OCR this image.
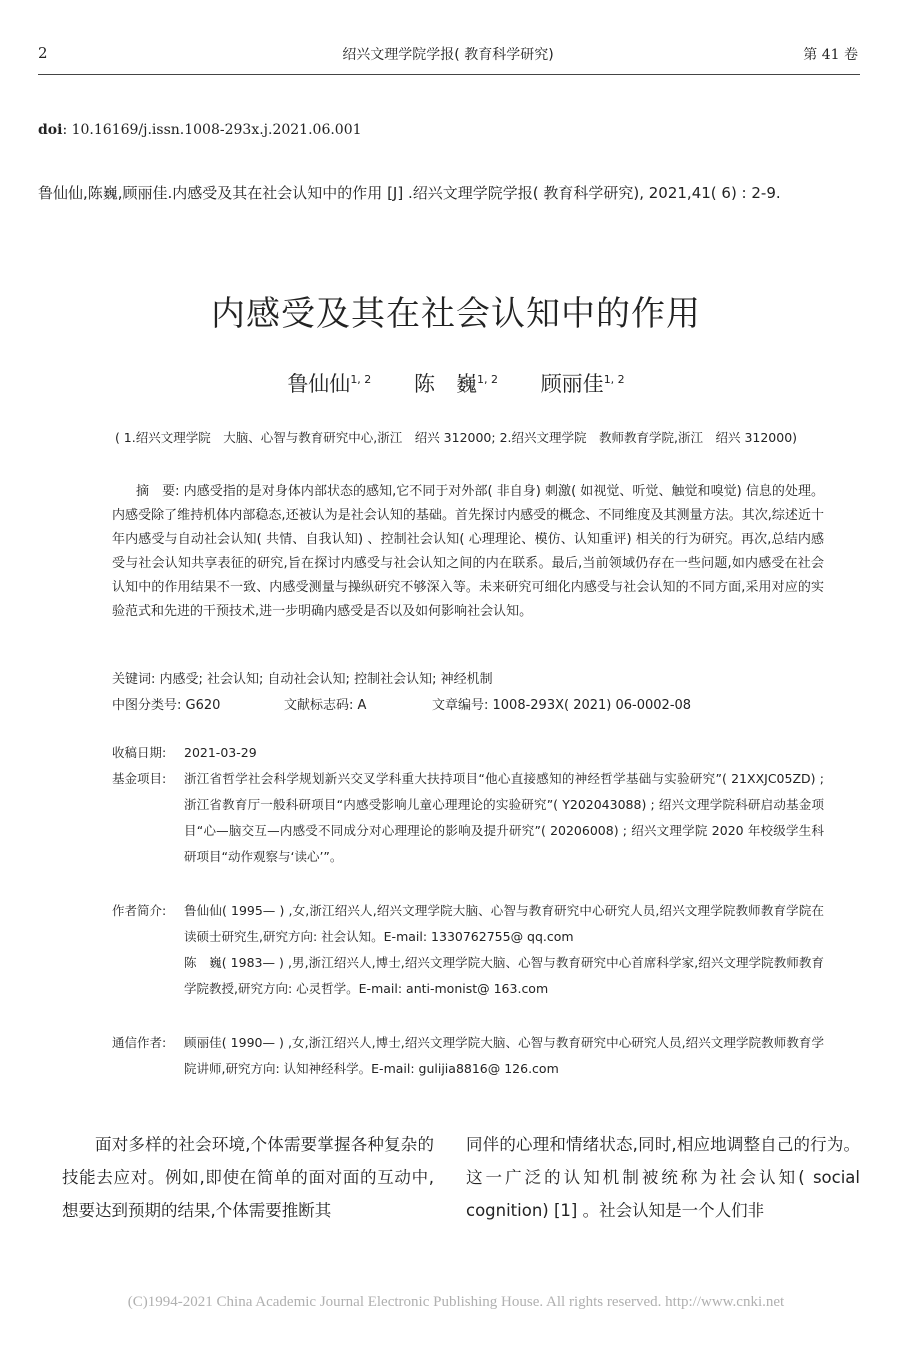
2	绍兴文理学院学报( 教育科学研究)	第 41 卷
doi: 10.16169/j.issn.1008-293x.j.2021.06.001
鲁仙仙,陈巍,顾丽佳.内感受及其在社会认知中的作用 [J] .绍兴文理学院学报( 教育科学研究), 2021,41( 6) : 2-9.
内感受及其在社会认知中的作用
鲁仙仙$^{1, 2}$ 陈　巍$^{1, 2}$ 顾丽佳$^{1, 2}$
( 1.绍兴文理学院　大脑、心智与教育研究中心,浙江　绍兴 312000; 2.绍兴文理学院　教师教育学院,浙江　绍兴 312000)
摘　要: 内感受指的是对身体内部状态的感知,它不同于对外部( 非自身) 刺激( 如视觉、听觉、触觉和嗅觉) 信息的处理。内感受除了维持机体内部稳态,还被认为是社会认知的基础。首先探讨内感受的概念、不同维度及其测量方法。其次,综述近十年内感受与自动社会认知( 共情、自我认知) 、控制社会认知( 心理理论、模仿、认知重评) 相关的行为研究。再次,总结内感受与社会认知共享表征的研究,旨在探讨内感受与社会认知之间的内在联系。最后,当前领域仍存在一些问题,如内感受在社会认知中的作用结果不一致、内感受测量与操纵研究不够深入等。未来研究可细化内感受与社会认知的不同方面,采用对应的实验范式和先进的干预技术,进一步明确内感受是否以及如何影响社会认知。
关键词: 内感受; 社会认知; 自动社会认知; 控制社会认知; 神经机制
中图分类号: G620	文献标志码: A	文章编号: 1008-293X( 2021) 06-0002-08
收稿日期: 2021-03-29
基金项目: 浙江省哲学社会科学规划新兴交叉学科重大扶持项目“他心直接感知的神经哲学基础与实验研究”( 21XXJC05ZD) ; 浙江省教育厅一般科研项目“内感受影响儿童心理理论的实验研究”( Y202043088) ; 绍兴文理学院科研启动基金项目“心—脑交互—内感受不同成分对心理理论的影响及提升研究”( 20206008) ; 绍兴文理学院 2020 年校级学生科研项目“动作观察与‘读心’”。
作者简介: 鲁仙仙( 1995— ) ,女,浙江绍兴人,绍兴文理学院大脑、心智与教育研究中心研究人员,绍兴文理学院教师教育学院在读硕士研究生,研究方向: 社会认知。E-mail: 1330762755@ qq.com
陈　巍( 1983— ) ,男,浙江绍兴人,博士,绍兴文理学院大脑、心智与教育研究中心首席科学家,绍兴文理学院教师教育学院教授,研究方向: 心灵哲学。E-mail: anti-monist@ 163.com
通信作者: 顾丽佳( 1990— ) ,女,浙江绍兴人,博士,绍兴文理学院大脑、心智与教育研究中心研究人员,绍兴文理学院教师教育学院讲师,研究方向: 认知神经科学。E-mail: gulijia8816@ 126.com
面对多样的社会环境,个体需要掌握各种复杂的技能去应对。例如,即使在简单的面对面的互动中,想要达到预期的结果,个体需要推断其
同伴的心理和情绪状态,同时,相应地调整自己的行为。这一广泛的认知机制被统称为社会认知( social cognition) [1] 。社会认知是一个人们非
(C)1994-2021 China Academic Journal Electronic Publishing House. All rights reserved. http://www.cnki.net
